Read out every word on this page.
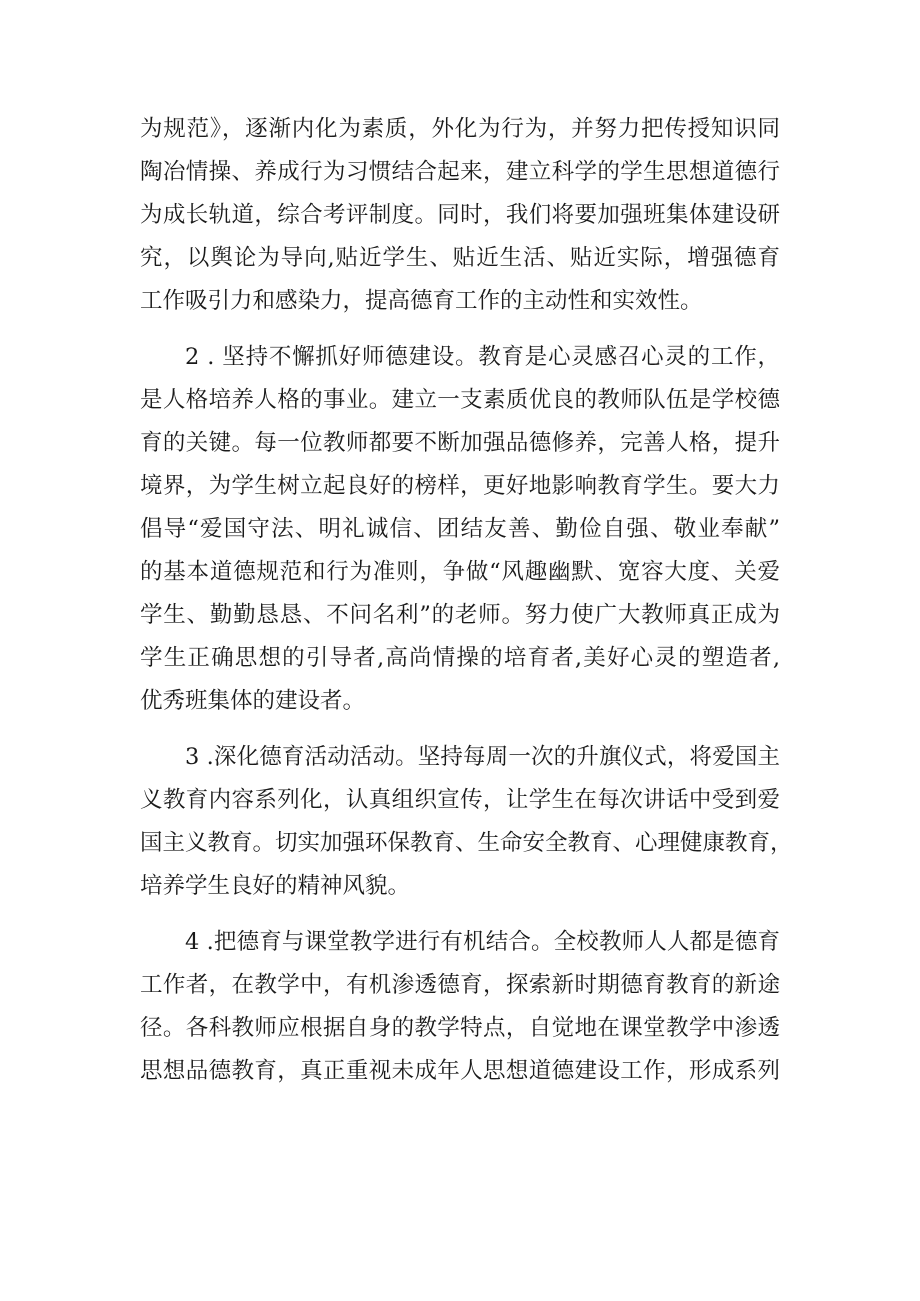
为规范》，逐渐内化为素质，外化为行为，并努力把传授知识同
陶冶情操、养成行为习惯结合起来，建立科学的学生思想道德行
为成长轨道，综合考评制度。同时，我们将要加强班集体建设研
究，以舆论为导向,贴近学生、贴近生活、贴近实际，增强德育
工作吸引力和感染力，提高德育工作的主动性和实效性。
2 . 坚持不懈抓好师德建设。教育是心灵感召心灵的工作，
是人格培养人格的事业。建立一支素质优良的教师队伍是学校德
育的关键。每一位教师都要不断加强品德修养，完善人格，提升
境界，为学生树立起良好的榜样，更好地影响教育学生。要大力
倡导“爱国守法、明礼诚信、团结友善、勤俭自强、敬业奉献”
的基本道德规范和行为准则，争做“风趣幽默、宽容大度、关爱
学生、勤勤恳恳、不问名利”的老师。努力使广大教师真正成为
学生正确思想的引导者,高尚情操的培育者,美好心灵的塑造者,
优秀班集体的建设者。
3 .深化德育活动活动。坚持每周一次的升旗仪式，将爱国主
义教育内容系列化，认真组织宣传，让学生在每次讲话中受到爱
国主义教育。切实加强环保教育、生命安全教育、心理健康教育，
培养学生良好的精神风貌。
4 .把德育与课堂教学进行有机结合。全校教师人人都是德育
工作者，在教学中，有机渗透德育，探索新时期德育教育的新途
径。各科教师应根据自身的教学特点，自觉地在课堂教学中渗透
思想品德教育，真正重视未成年人思想道德建设工作，形成系列
